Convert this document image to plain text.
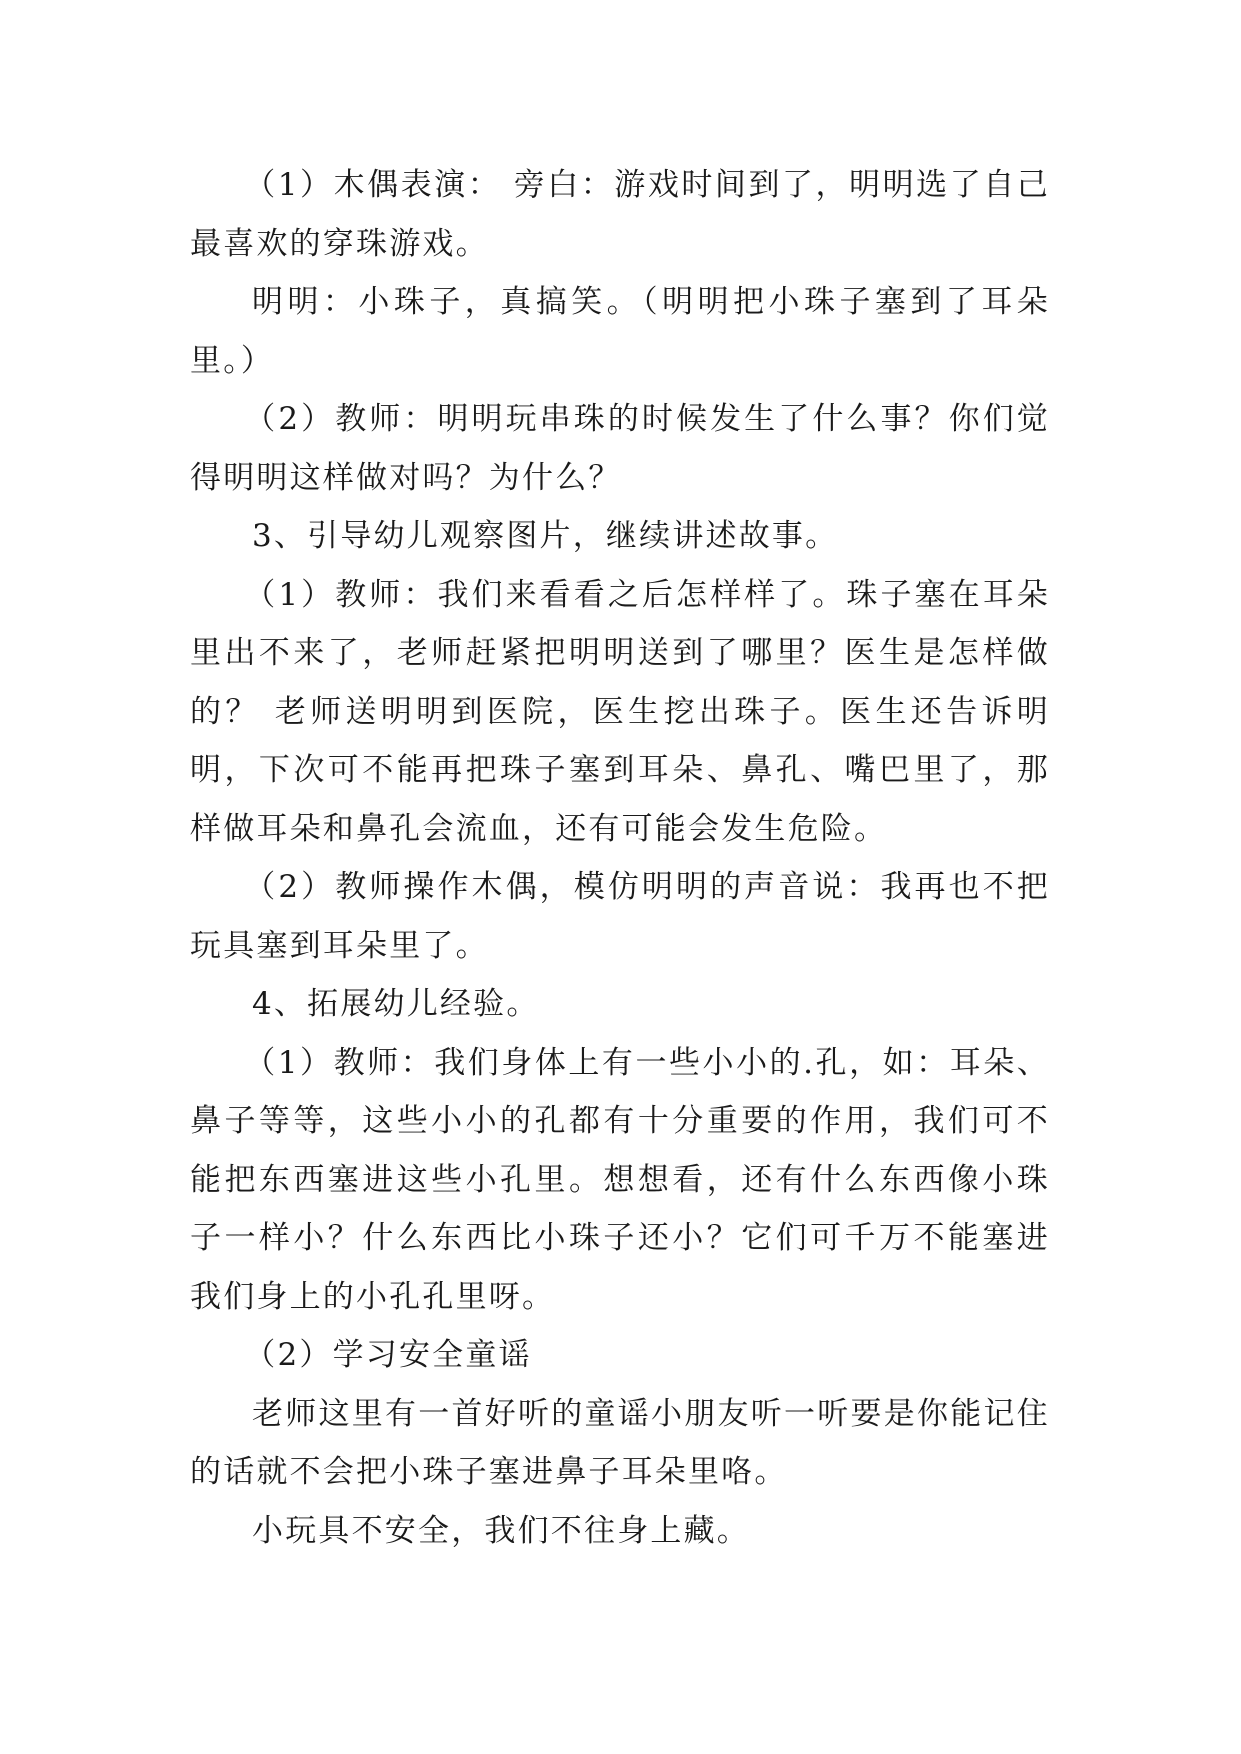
（1）木偶表演： 旁白：游戏时间到了，明明选了自己最喜欢的穿珠游戏。

明明：小珠子，真搞笑。（明明把小珠子塞到了耳朵里。）

（2）教师：明明玩串珠的时候发生了什么事？你们觉得明明这样做对吗？为什么？

3、引导幼儿观察图片，继续讲述故事。

（1）教师：我们来看看之后怎样样了。珠子塞在耳朵里出不来了，老师赶紧把明明送到了哪里？医生是怎样做的？ 老师送明明到医院，医生挖出珠子。医生还告诉明明，下次可不能再把珠子塞到耳朵、鼻孔、嘴巴里了，那样做耳朵和鼻孔会流血，还有可能会发生危险。

（2）教师操作木偶，模仿明明的声音说：我再也不把玩具塞到耳朵里了。

4、拓展幼儿经验。

（1）教师：我们身体上有一些小小的.孔，如：耳朵、鼻子等等，这些小小的孔都有十分重要的作用，我们可不能把东西塞进这些小孔里。想想看，还有什么东西像小珠子一样小？什么东西比小珠子还小？它们可千万不能塞进我们身上的小孔孔里呀。

（2）学习安全童谣

老师这里有一首好听的童谣小朋友听一听要是你能记住的话就不会把小珠子塞进鼻子耳朵里咯。

小玩具不安全，我们不往身上藏。
